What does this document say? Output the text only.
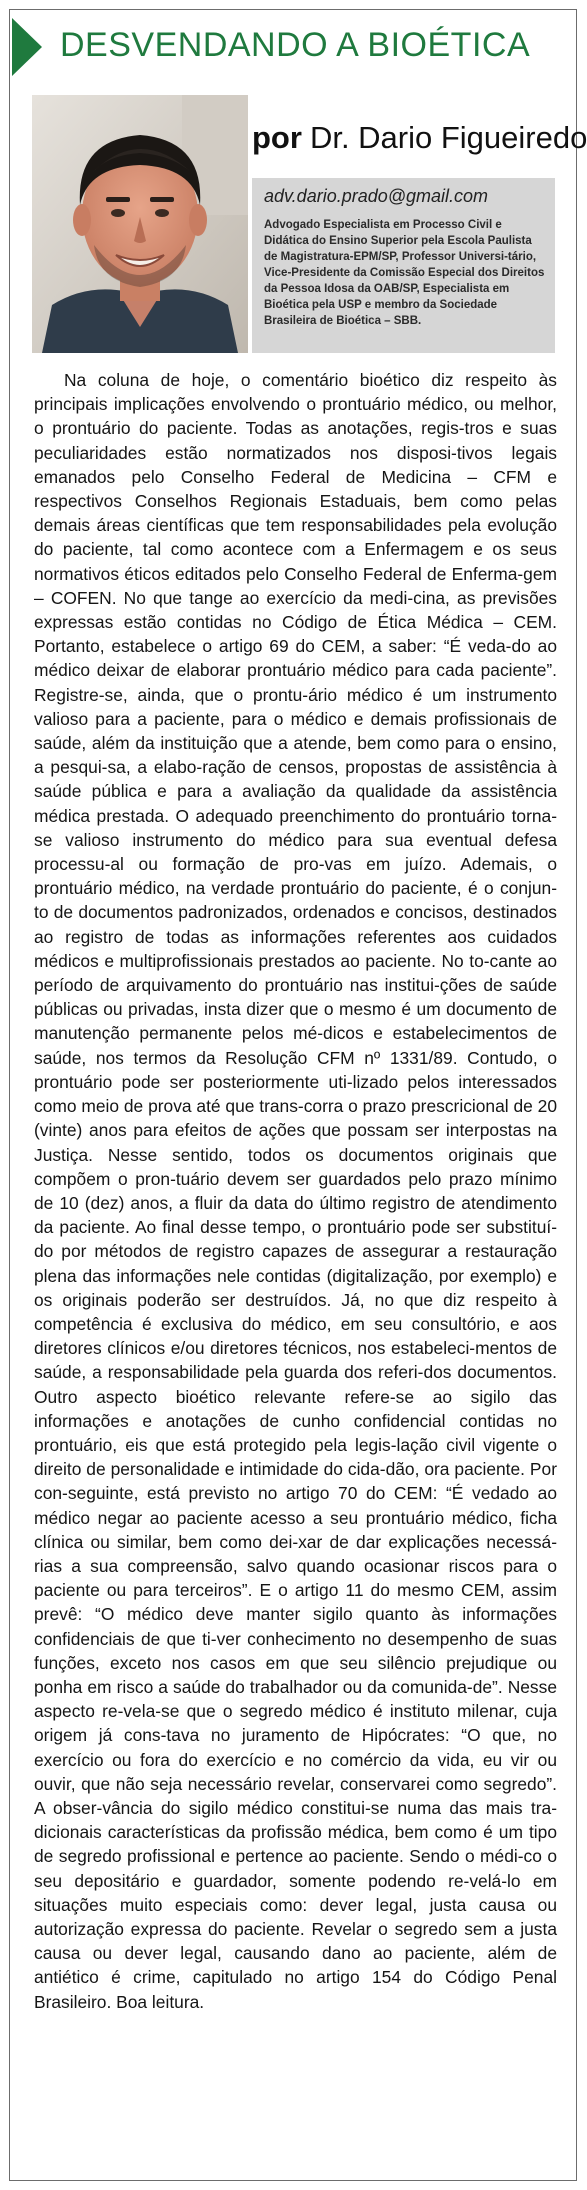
DESVENDANDO A BIOÉTICA
por Dr. Dario Figueiredo
adv.dario.prado@gmail.com

Advogado Especialista em Processo Civil e Didática do Ensino Superior pela Escola Paulista de Magistratura-EPM/SP, Professor Universi-tário, Vice-Presidente da Comissão Especial dos Direitos da Pessoa Idosa da OAB/SP, Especialista em Bioética pela USP e membro da Sociedade Brasileira de Bioética – SBB.

Na coluna de hoje, o comentário bioético diz respeito às principais implicações envolvendo o prontuário médico, ou melhor, o prontuário do paciente. Todas as anotações, regis-tros e suas peculiaridades estão normatizados nos disposi-tivos legais emanados pelo Conselho Federal de Medicina – CFM e respectivos Conselhos Regionais Estaduais, bem como pelas demais áreas científicas que tem responsabilidades pela evolução do paciente, tal como acontece com a Enfermagem e os seus normativos éticos editados pelo Conselho Federal de Enferma-gem – COFEN. No que tange ao exercício da medi-cina, as previsões expressas estão contidas no Código de Ética Médica – CEM. Portanto, estabelece o artigo 69 do CEM, a saber: “É veda-do ao médico deixar de elaborar prontuário médico para cada paciente”. Registre-se, ainda, que o prontu-ário médico é um instrumento valioso para a paciente, para o médico e demais profissionais de saúde, além da instituição que a atende, bem como para o ensino, a pesqui-sa, a elabo-ração de censos, propostas de assistência à saúde pública e para a avaliação da qualidade da assistência médica prestada. O adequado preenchimento do prontuário torna-se valioso instrumento do médico para sua eventual defesa processu-al ou formação de pro-vas em juízo. Ademais, o prontuário médico, na verdade prontuário do paciente, é o conjun-to de documentos padronizados, ordenados e concisos, destinados ao registro de todas as informações referentes aos cuidados médicos e multiprofissionais prestados ao paciente. No to-cante ao período de arquivamento do prontuário nas institui-ções de saúde públicas ou privadas, insta dizer que o mesmo é um documento de manutenção permanente pelos mé-dicos e estabelecimentos de saúde, nos termos da Resolução CFM nº 1331/89. Contudo, o prontuário pode ser posteriormente uti-lizado pelos interessados como meio de prova até que trans-corra o prazo prescricional de 20 (vinte) anos para efeitos de ações que possam ser interpostas na Justiça. Nesse sentido, todos os documentos originais que compõem o pron-tuário devem ser guardados pelo prazo mínimo de 10 (dez) anos, a fluir da data do último registro de atendimento da paciente. Ao final desse tempo, o prontuário pode ser substituí-do por métodos de registro capazes de assegurar a restauração plena das informações nele contidas (digitalização, por exemplo) e os originais poderão ser destruídos. Já, no que diz respeito à competência é exclusiva do médico, em seu consultório, e aos diretores clínicos e/ou diretores técnicos, nos estabeleci-mentos de saúde, a responsabilidade pela guarda dos referi-dos documentos. Outro aspecto bioético relevante refere-se ao sigilo das informações e anotações de cunho confidencial contidas no prontuário, eis que está protegido pela legis-lação civil vigente o direito de personalidade e intimidade do cida-dão, ora paciente. Por con-seguinte, está previsto no artigo 70 do CEM: “É vedado ao médico negar ao paciente acesso a seu prontuário médico, ficha clínica ou similar, bem como dei-xar de dar explicações necessá-rias a sua compreensão, salvo quando ocasionar riscos para o paciente ou para terceiros”. E o artigo 11 do mesmo CEM, assim prevê: “O médico deve manter sigilo quanto às informações confidenciais de que ti-ver conhecimento no desempenho de suas funções, exceto nos casos em que seu silêncio prejudique ou ponha em risco a saúde do trabalhador ou da comunida-de”. Nesse aspecto re-vela-se que o segredo médico é instituto milenar, cuja origem já cons-tava no juramento de Hipócrates: “O que, no exercício ou fora do exercício e no comércio da vida, eu vir ou ouvir, que não seja necessário revelar, conservarei como segredo”. A obser-vância do sigilo médico constitui-se numa das mais tra-dicionais características da profissão médica, bem como é um tipo de segredo profissional e pertence ao paciente. Sendo o médi-co o seu depositário e guardador, somente podendo re-velá-lo em situações muito especiais como: dever legal, justa causa ou autorização expressa do paciente. Revelar o segredo sem a justa causa ou dever legal, causando dano ao paciente, além de antiético é crime, capitulado no artigo 154 do Código Penal Brasileiro. Boa leitura.
